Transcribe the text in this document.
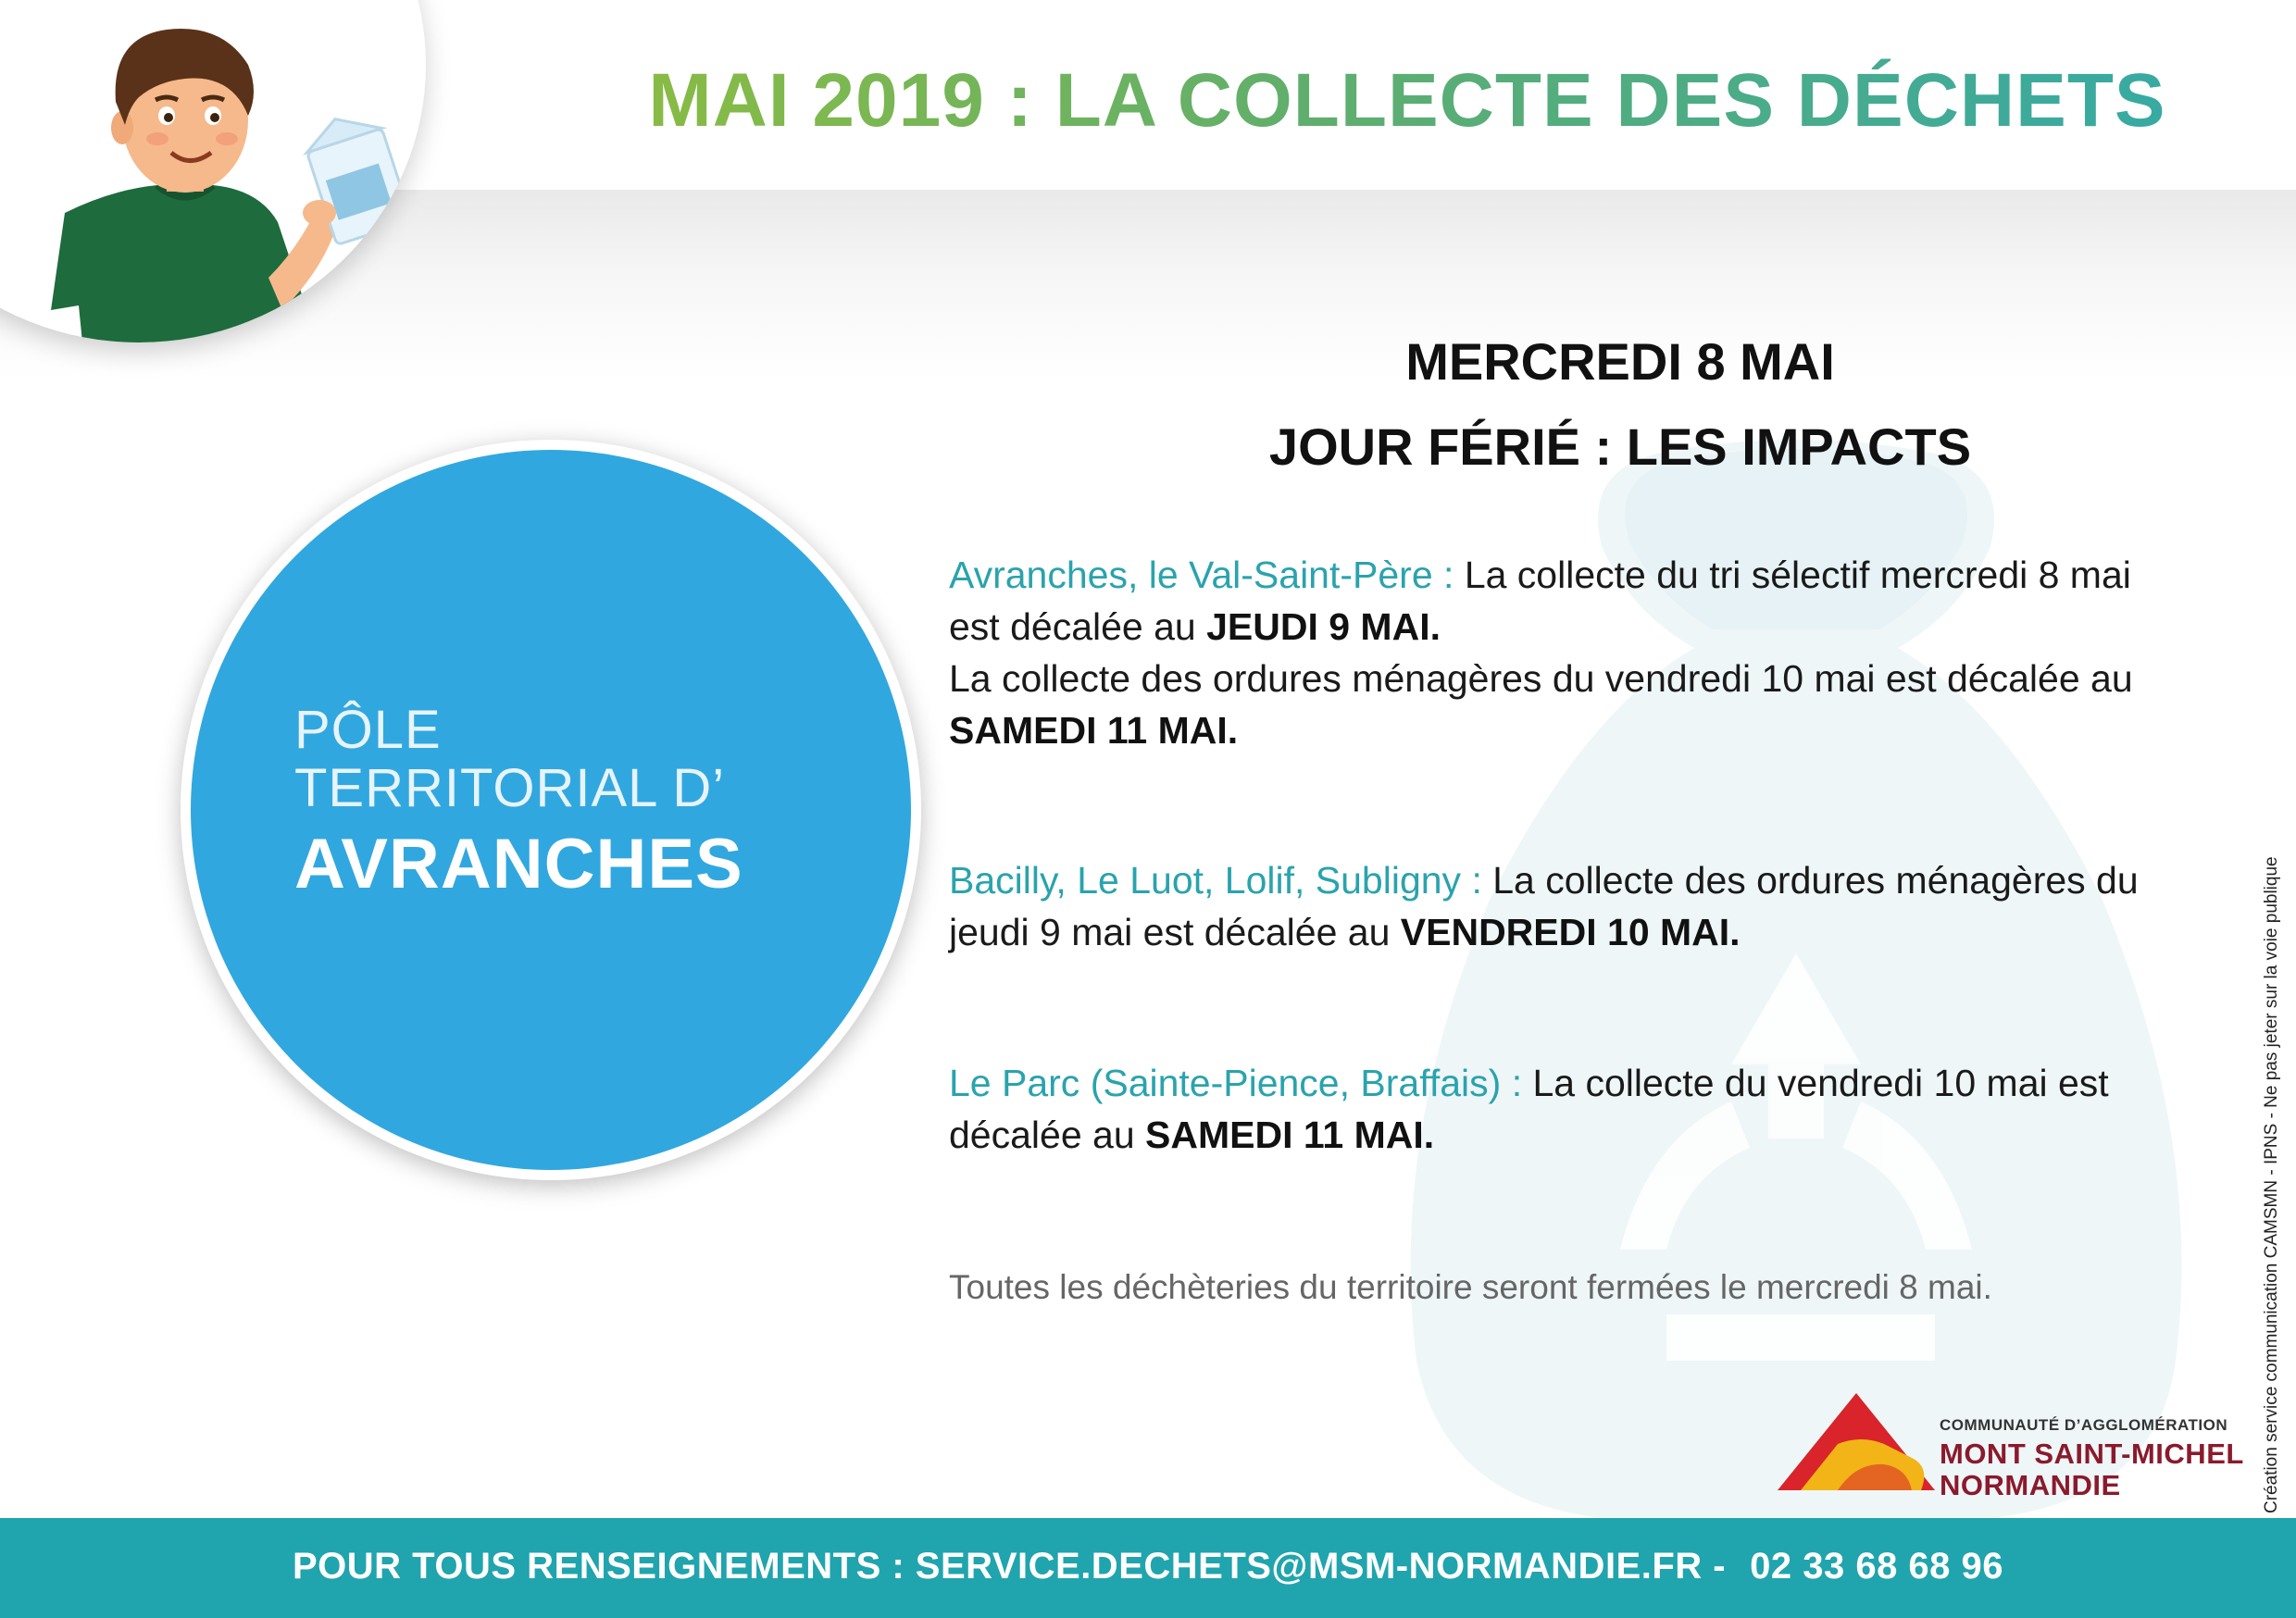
MAI 2019 : LA COLLECTE DES DÉCHETS

PÔLE

TERRITORIAL D’

AVRANCHES

MERCREDI 8 MAI
JOUR FÉRIÉ : LES IMPACTS

Avranches, le Val-Saint-Père : La collecte du tri sélectif mercredi 8 mai est décalée au JEUDI 9 MAI.
La collecte des ordures ménagères du vendredi 10 mai est décalée au SAMEDI 11 MAI.

Bacilly, Le Luot, Lolif, Subligny : La collecte des ordures ménagères du jeudi 9 mai est décalée au VENDREDI 10 MAI.

Le Parc (Sainte-Pience, Braffais) : La collecte du vendredi 10 mai est décalée au SAMEDI 11 MAI.

Toutes les déchèteries du territoire seront fermées le mercredi 8 mai.

COMMUNAUTÉ D’AGGLOMÉRATION

MONT SAINT-MICHEL

NORMANDIE	Création service communication CAMSMN - IPNS - Ne pas jeter sur la voie publique

POUR TOUS RENSEIGNEMENTS : SERVICE.DECHETS@MSM-NORMANDIE.FR - 02 33 68 68 96
